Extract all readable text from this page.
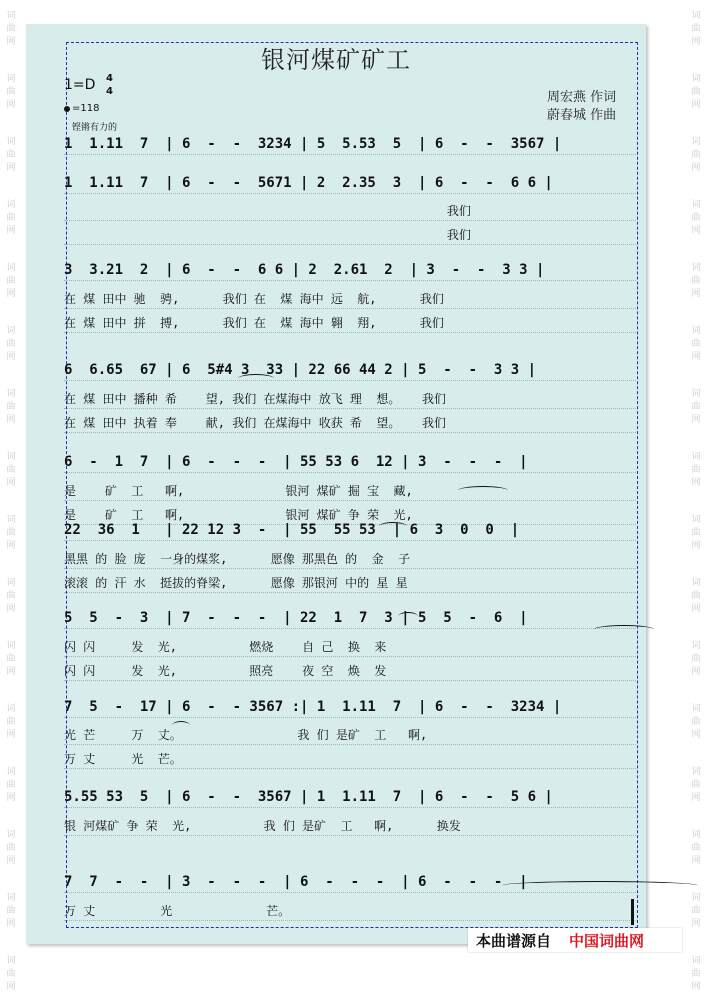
词
曲
网
词
曲
网
词
曲
网
词
曲
网
词
曲
网
词
曲
网
词
曲
网
词
曲
网
词
曲
网
词
曲
网
词
曲
网
词
曲
网
词
曲
网
词
曲
网
词
曲
网
词
曲
网
词
曲
网
词
曲
网
词
曲
网
词
曲
网
词
曲
网
词
曲
网
词
曲
网
词
曲
网
词
曲
网
词
曲
网
词
曲
网
词
曲
网
词
曲
网
词
曲
网
词
曲
网
词
曲
网
银河煤矿矿工
1=D 4
4
=118
铿锵有力的
周宏燕 作词
蔚春城 作曲
1  1.11  7  | 6  -  -  3234 | 5  5.53  5  | 6  -  -  3567 |
1  1.11  7  | 6  -  -  5671 | 2  2.35  3  | 6  -  -  6 6 |
我们
我们
3  3.21  2  | 6  -  -  6 6 | 2  2.61  2  | 3  -  -  3 3 |
在 煤 田中 驰  骋,      我们 在  煤 海中 远  航,      我们
在 煤 田中 拼  搏,      我们 在  煤 海中 翱  翔,      我们
6  6.65  67 | 6  5#4 3  33 | 22 66 44 2 | 5  -  -  3 3 |
在 煤 田中 播种 希    望, 我们 在煤海中 放飞 理  想。   我们
在 煤 田中 执着 奉    献, 我们 在煤海中 收获 希  望。   我们
6  -  1  7  | 6  -  -  -  | 55 53 6  12 | 3  -  -  -  |
是    矿  工   啊,              银河 煤矿 掘 宝  藏,
是    矿  工   啊,              银河 煤矿 争 荣  光,
22  36  1   | 22 12 3  -  | 55  55 53  | 6  3  0  0  |
黑黑 的 脸 庞  一身的煤浆,      愿像 那黑色 的  金  子
滚滚 的 汗 水  挺拔的脊梁,      愿像 那银河 中的 星 星
5  5  -  3  | 7  -  -  -  | 22  1  7  3 | 5  5  -  6  |
闪 闪     发  光,          燃烧    自 己  换  来
闪 闪     发  光,          照亮    夜 空  焕  发
7  5  -  17 | 6  -  - 3567 :| 1  1.11  7  | 6  -  -  3234 |
光 芒     万  丈。                我 们 是矿  工   啊,
万 丈     光  芒。
5.55 53  5  | 6  -  -  3567 | 1  1.11  7  | 6  -  -  5 6 |
银 河煤矿 争 荣  光,          我 们 是矿  工   啊,      换发
7  7  -  -  | 3  -  -  -  | 6  -  -  -  | 6  -  -  -  |
万 丈         光             芒。
本曲谱源自 中国词曲网
